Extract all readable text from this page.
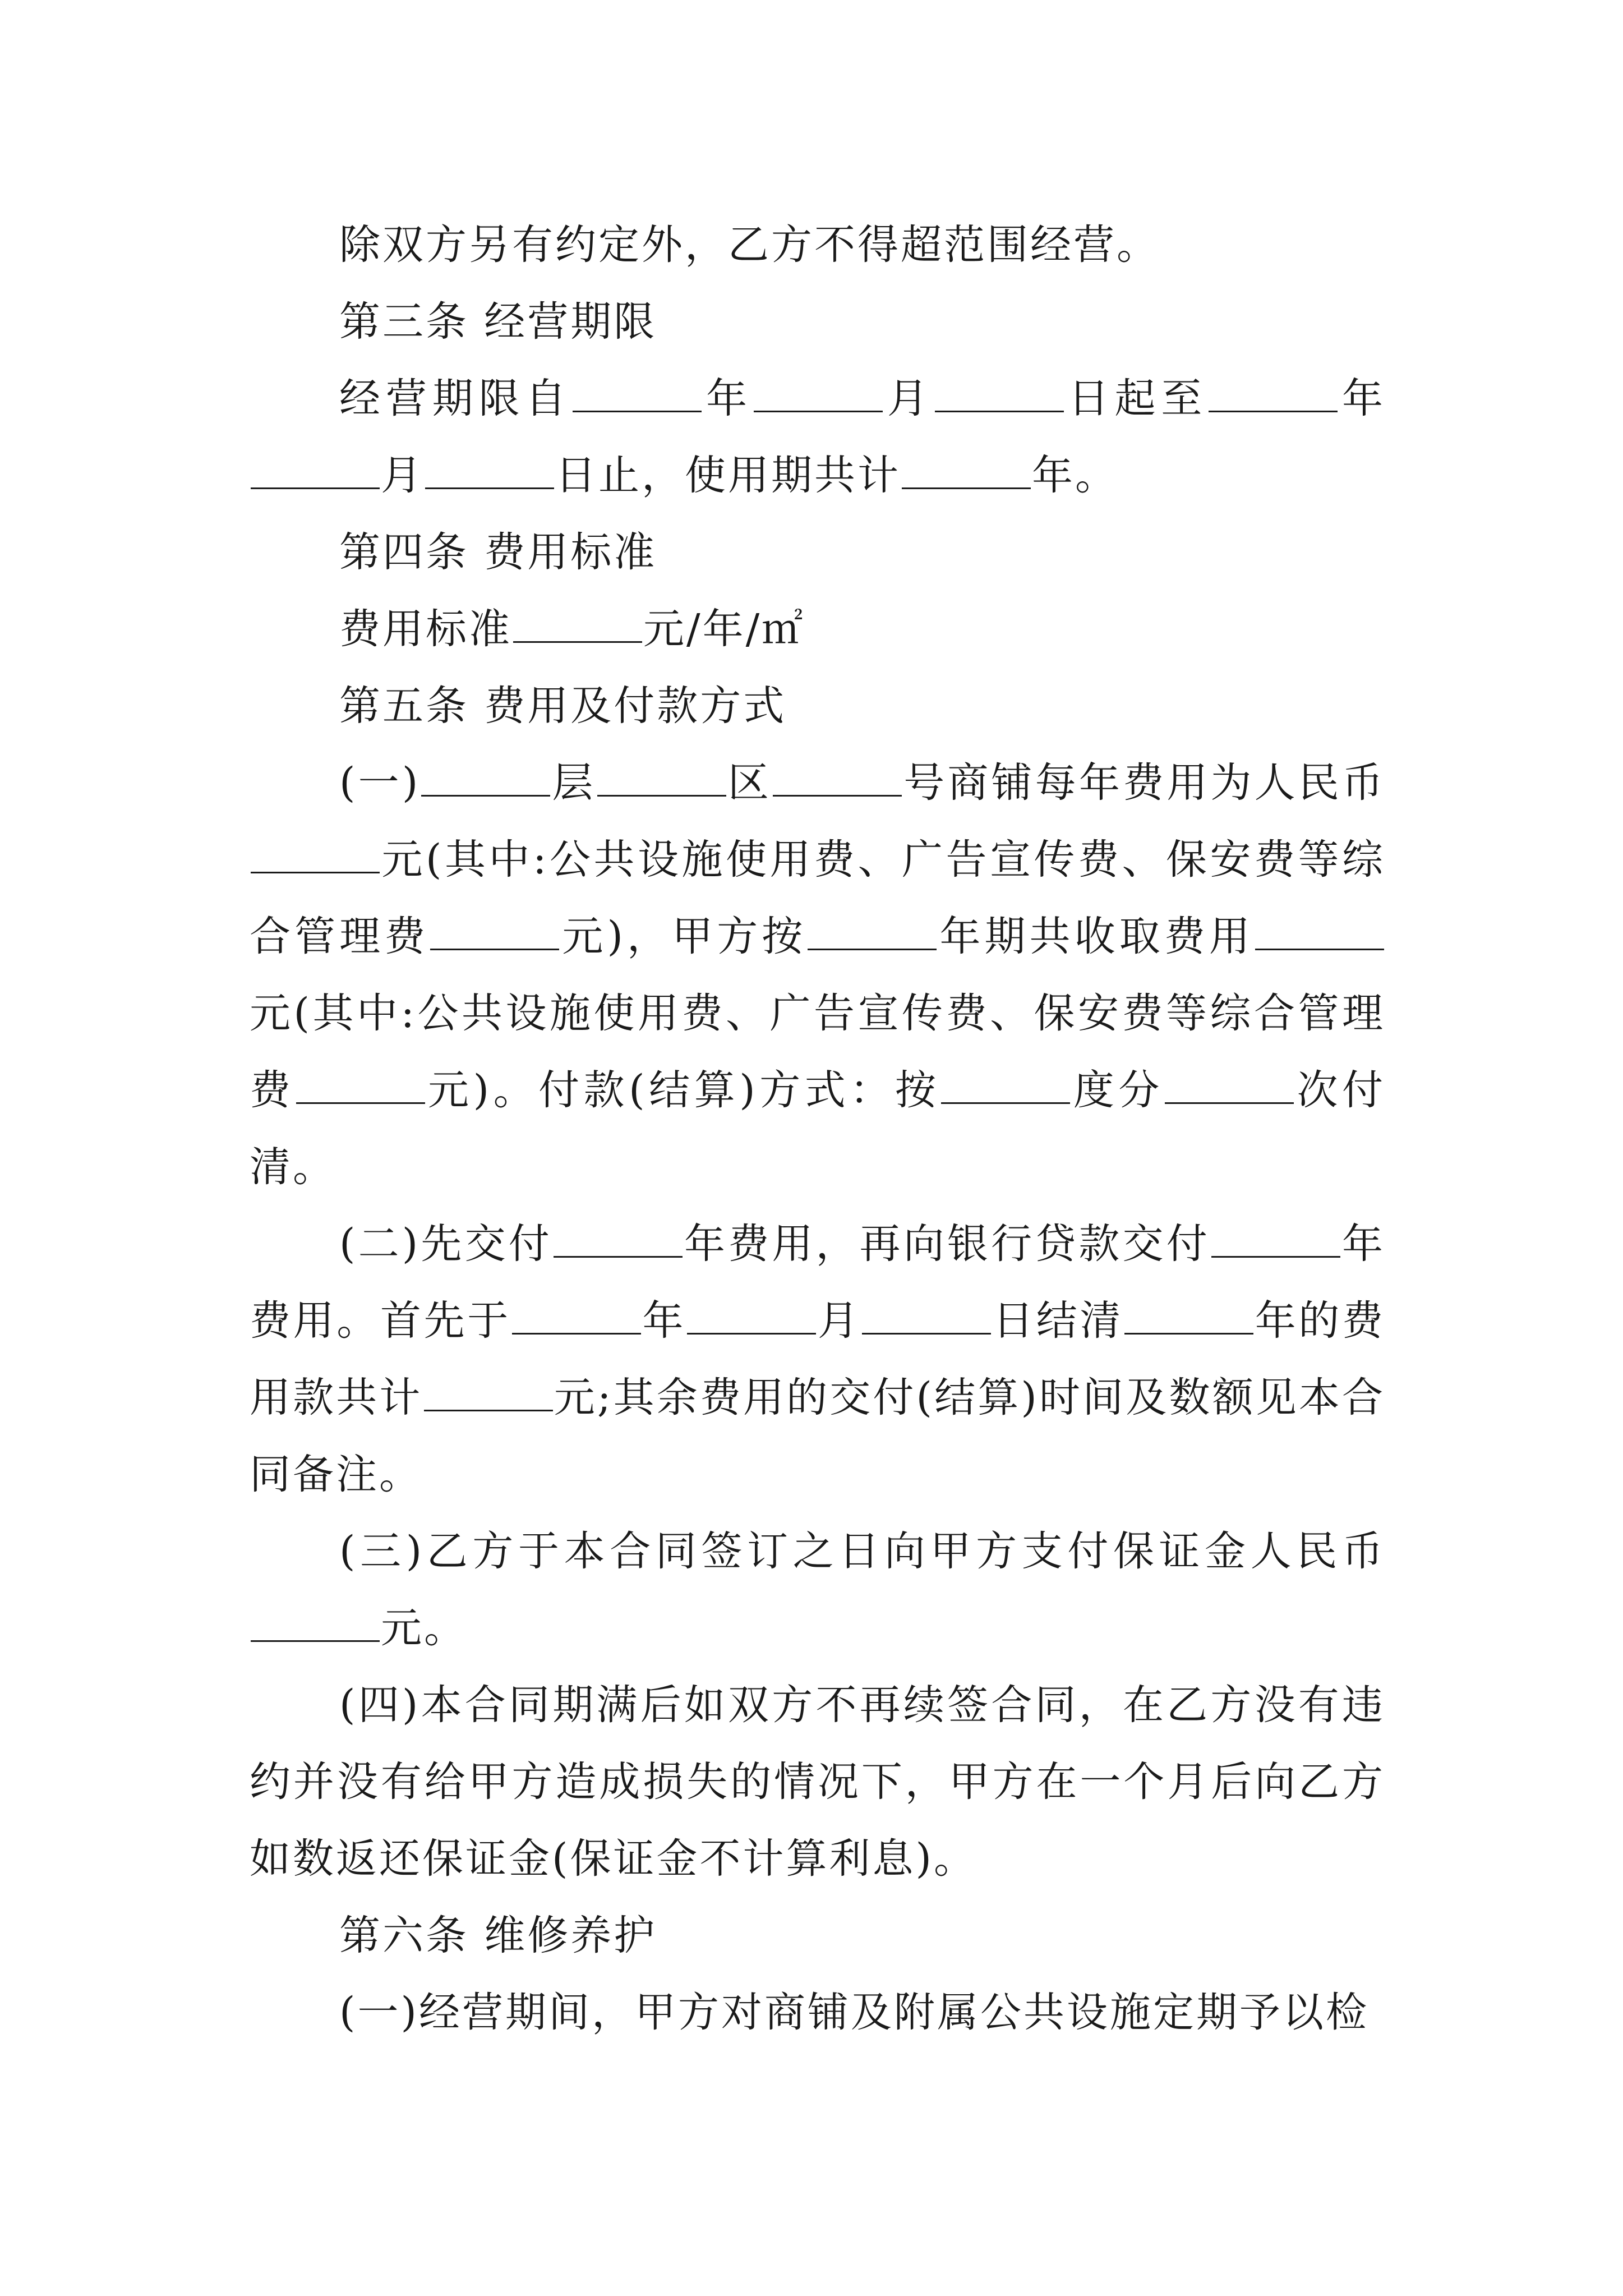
除双方另有约定外，乙方不得超范围经营。

第三条 经营期限

经营期限自	年	月	日起至	年月	日止，使用期共计	年。

第四条 费用标准

费用标准	元/年/㎡

第五条 费用及付款方式

(一)	层	区	号商铺每年费用为人民币元(其中:公共设施使用费、广告宣传费、保安费等综合管理费	元)，甲方按	年期共收取费用元(其中:公共设施使用费、广告宣传费、保安费等综合管理费	元)。付款(结算)方式：按	度分	次付清。

(二)先交付	年费用，再向银行贷款交付	年费用。首先于	年	月	日结清	年的费用款共计	元;其余费用的交付(结算)时间及数额见本合同备注。

(三)乙方于本合同签订之日向甲方支付保证金人民币元。

(四)本合同期满后如双方不再续签合同，在乙方没有违约并没有给甲方造成损失的情况下，甲方在一个月后向乙方如数返还保证金(保证金不计算利息)。

第六条 维修养护

(一)经营期间，甲方对商铺及附属公共设施定期予以检
